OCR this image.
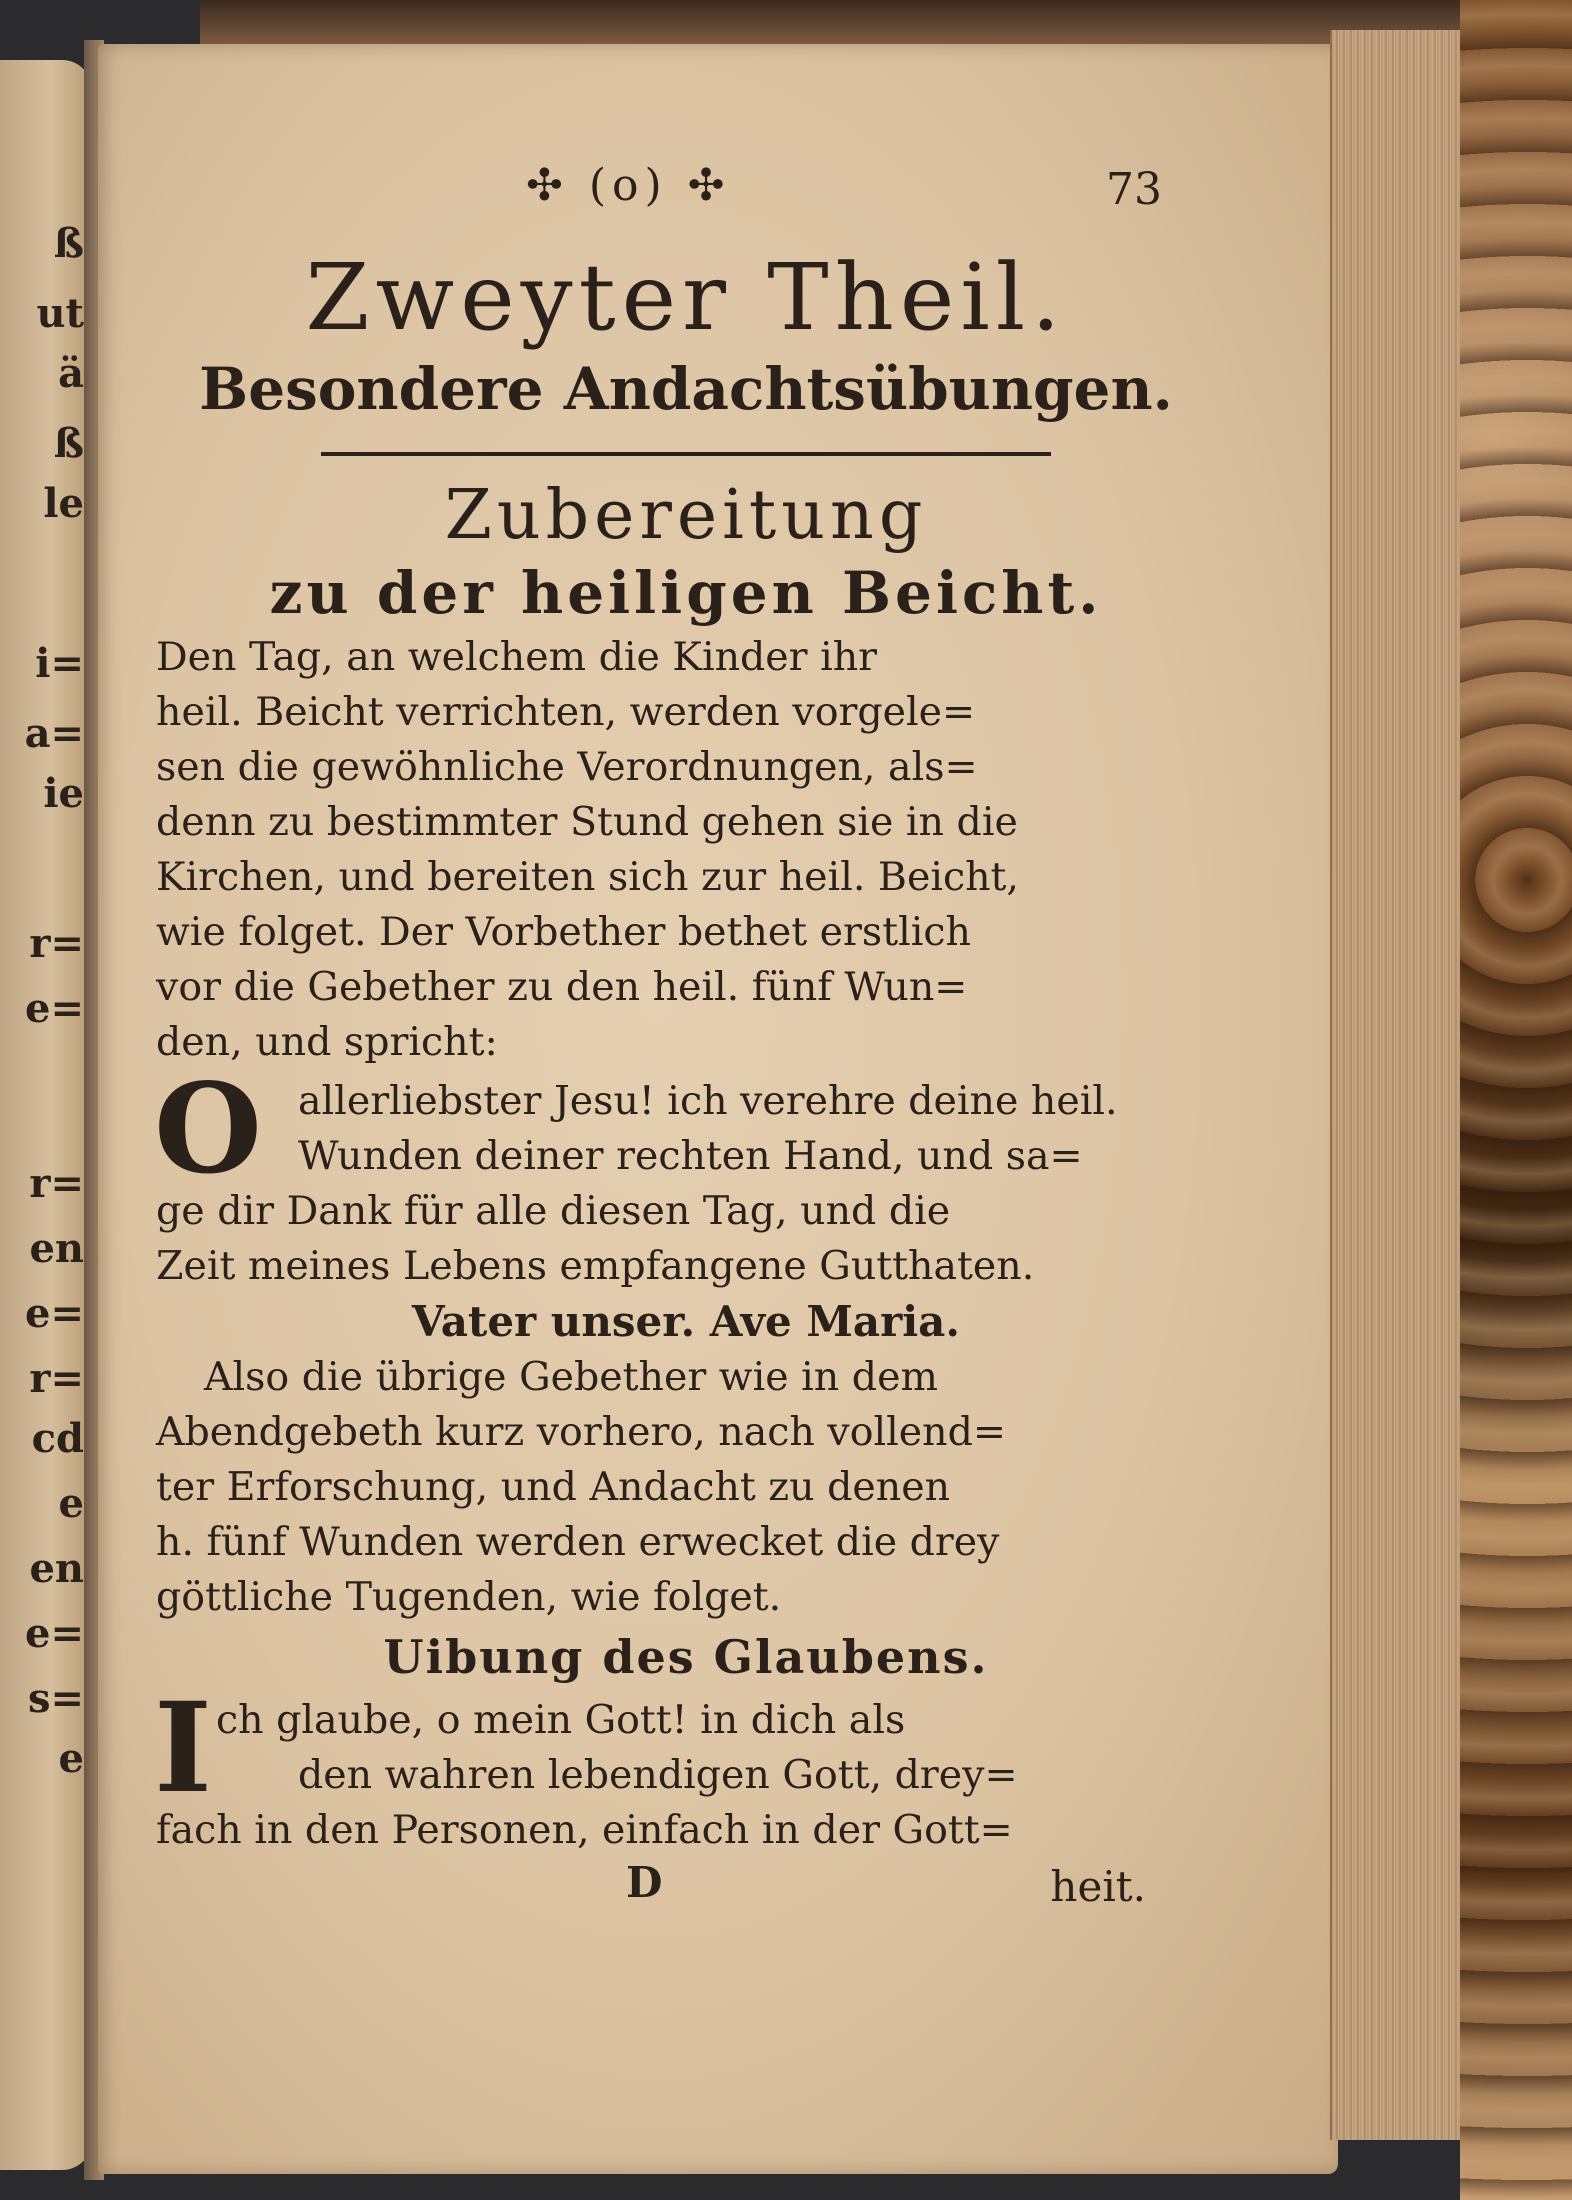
ß
ut
ä
ß
le
i=
a=
ie
r=
e=
r=
en
e=
r=
cd
e
en
e=
s=
e
✣ (o) ✣	73
Zweyter Theil.
Besondere Andachtsübungen.
Zubereitung
zu der heiligen Beicht.

Den Tag, an welchem die Kinder ihr
heil. Beicht verrichten, werden vorgele=
sen die gewöhnliche Verordnungen, als=
denn zu bestimmter Stund gehen sie in die
Kirchen, und bereiten sich zur heil. Beicht,
wie folget. Der Vorbether bethet erstlich
vor die Gebether zu den heil. fünf Wun=
den, und spricht:

O allerliebster Jesu! ich verehre deine heil.
Wunden deiner rechten Hand, und sa=
ge dir Dank für alle diesen Tag, und die
Zeit meines Lebens empfangene Gutthaten.

Vater unser. Ave Maria.

Also die übrige Gebether wie in dem
Abendgebeth kurz vorhero, nach vollend=
ter Erforschung, und Andacht zu denen
h. fünf Wunden werden erwecket die drey
göttliche Tugenden, wie folget.

Uibung des Glaubens.
I ch glaube, o mein Gott! in dich als
den wahren lebendigen Gott, drey=
fach in den Personen, einfach in der Gott=

D	heit.
